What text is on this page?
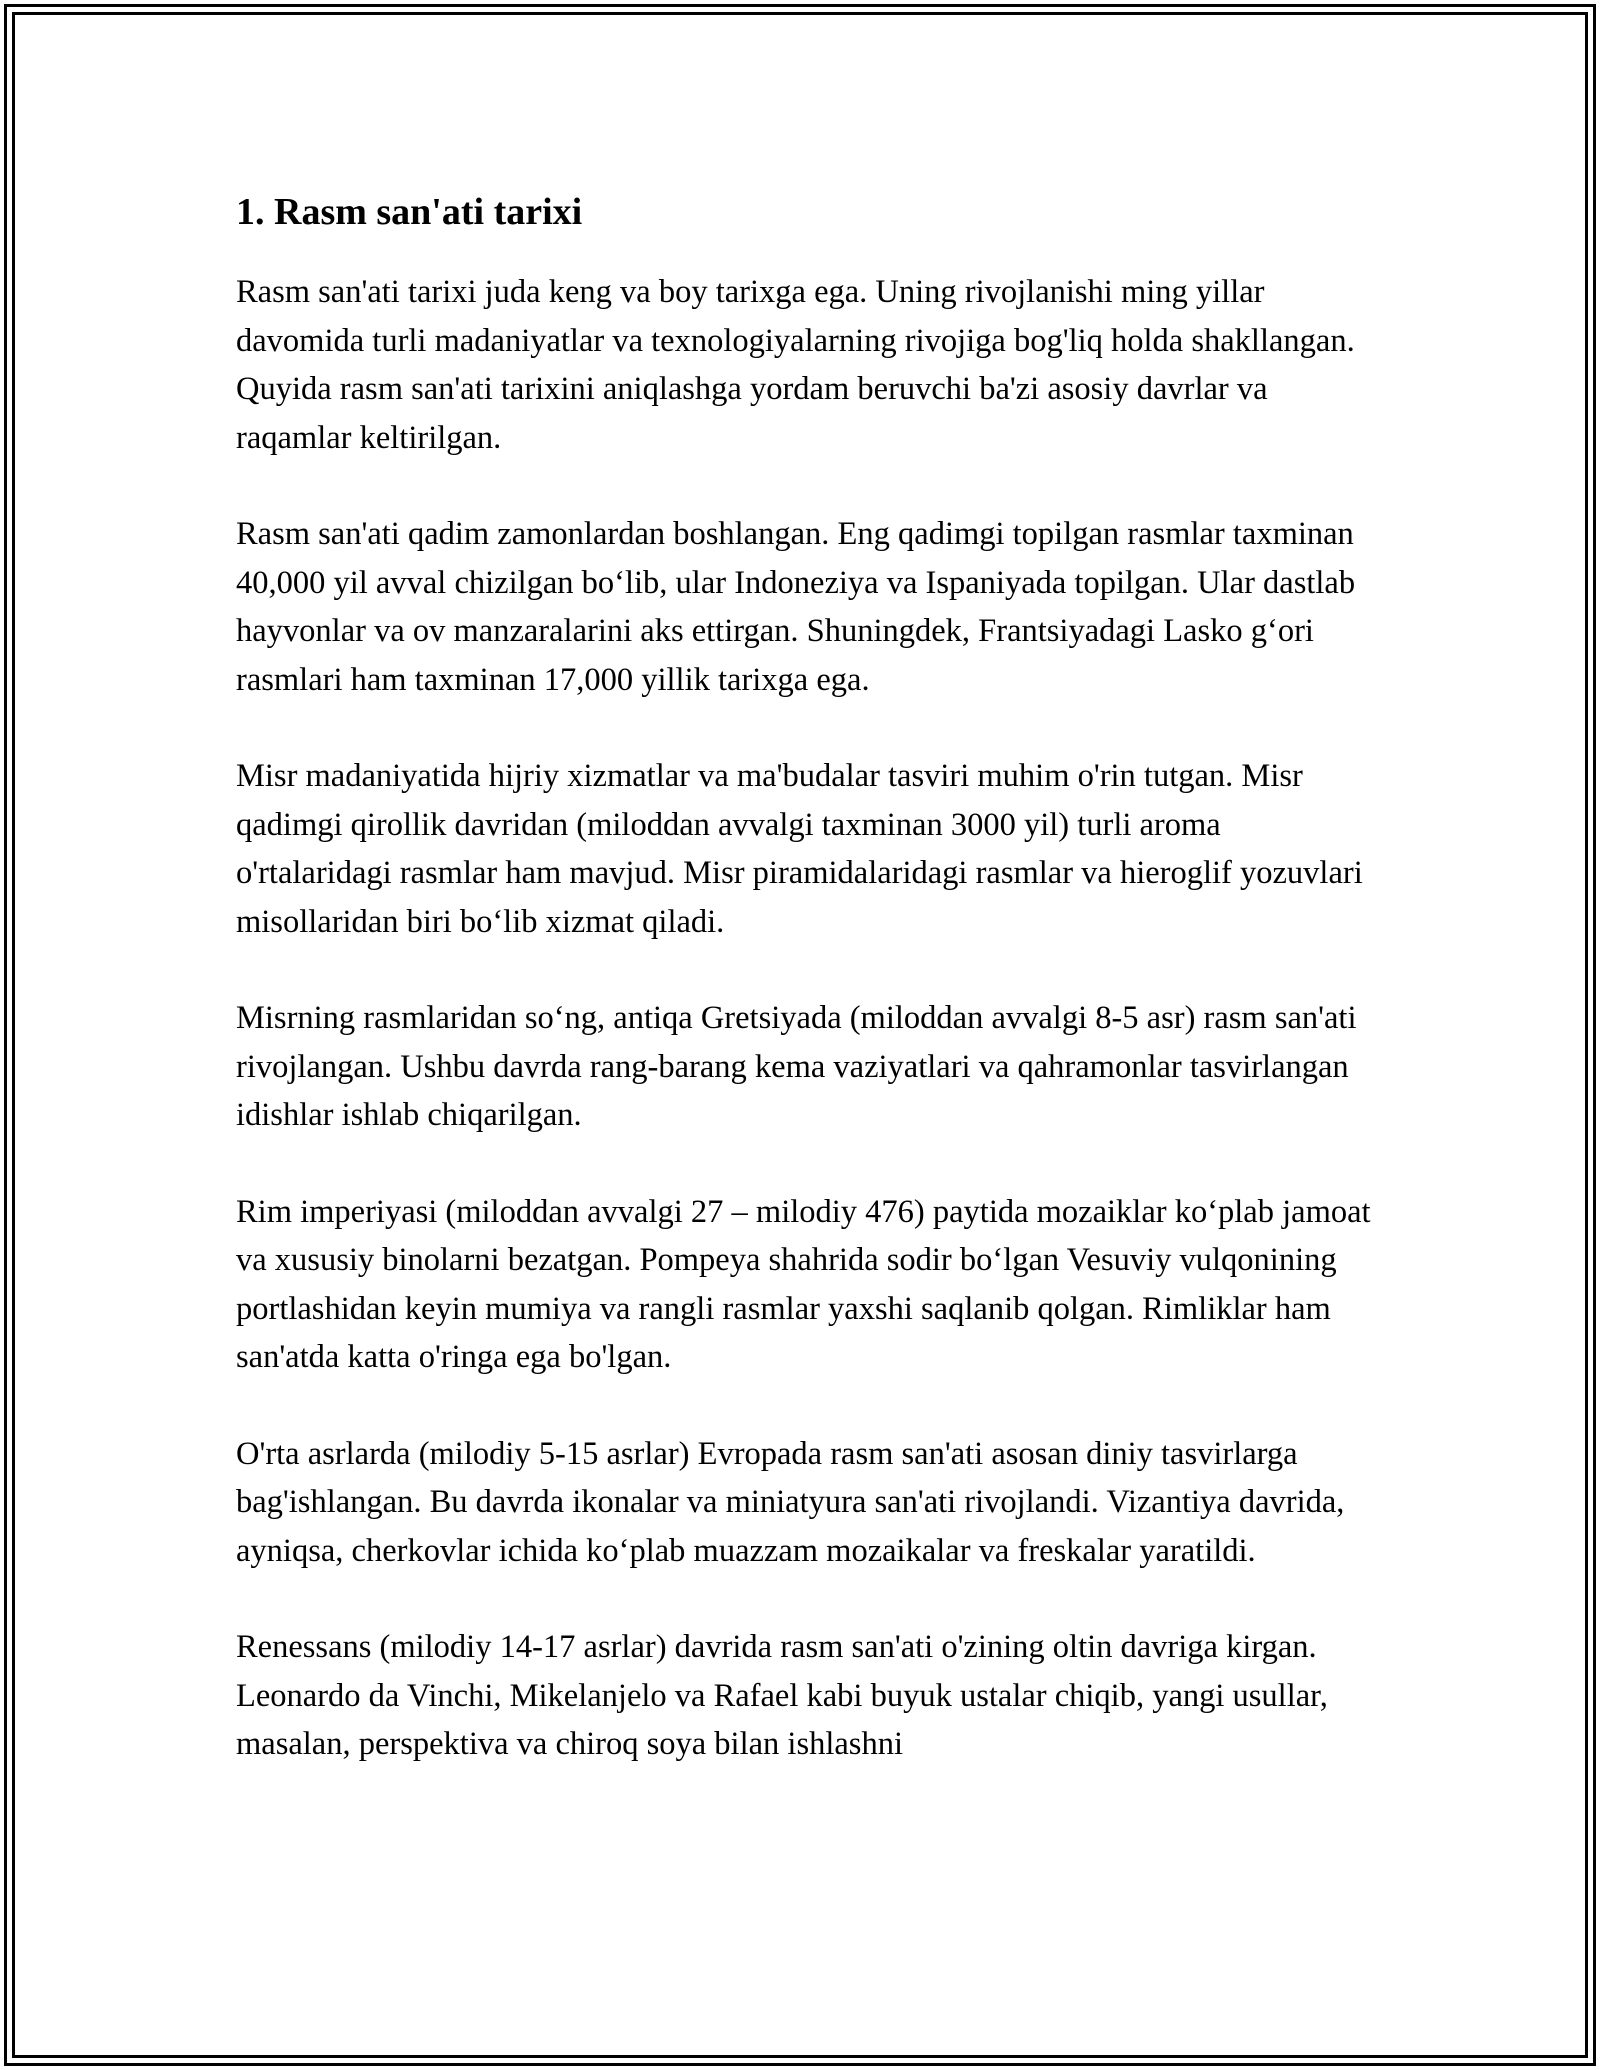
1. Rasm san'ati tarixi

Rasm san'ati tarixi juda keng va boy tarixga ega. Uning rivojlanishi ming yillar davomida turli madaniyatlar va texnologiyalarning rivojiga bog'liq holda shakllangan. Quyida rasm san'ati tarixini aniqlashga yordam beruvchi ba'zi asosiy davrlar va raqamlar keltirilgan.

Rasm san'ati qadim zamonlardan boshlangan. Eng qadimgi topilgan rasmlar taxminan 40,000 yil avval chizilgan bo‘lib, ular Indoneziya va Ispaniyada topilgan. Ular dastlab hayvonlar va ov manzaralarini aks ettirgan. Shuningdek, Frantsiyadagi Lasko g‘ori rasmlari ham taxminan 17,000 yillik tarixga ega.

Misr madaniyatida hijriy xizmatlar va ma'budalar tasviri muhim o'rin tutgan. Misr qadimgi qirollik davridan (miloddan avvalgi taxminan 3000 yil) turli aroma o'rtalaridagi rasmlar ham mavjud. Misr piramidalaridagi rasmlar va hieroglif yozuvlari misollaridan biri bo‘lib xizmat qiladi.

Misrning rasmlaridan so‘ng, antiqa Gretsiyada (miloddan avvalgi 8-5 asr) rasm san'ati rivojlangan. Ushbu davrda rang-barang kema vaziyatlari va qahramonlar tasvirlangan idishlar ishlab chiqarilgan.

Rim imperiyasi (miloddan avvalgi 27 – milodiy 476) paytida mozaiklar ko‘plab jamoat va xususiy binolarni bezatgan. Pompeya shahrida sodir bo‘lgan Vesuviy vulqonining portlashidan keyin mumiya va rangli rasmlar yaxshi saqlanib qolgan. Rimliklar ham san'atda katta o'ringa ega bo'lgan.

O'rta asrlarda (milodiy 5-15 asrlar) Evropada rasm san'ati asosan diniy tasvirlarga bag'ishlangan. Bu davrda ikonalar va miniatyura san'ati rivojlandi. Vizantiya davrida, ayniqsa, cherkovlar ichida ko‘plab muazzam mozaikalar va freskalar yaratildi.

Renessans (milodiy 14-17 asrlar) davrida rasm san'ati o'zining oltin davriga kirgan. Leonardo da Vinchi, Mikelanjelo va Rafael kabi buyuk ustalar chiqib, yangi usullar, masalan, perspektiva va chiroq soya bilan ishlashni
